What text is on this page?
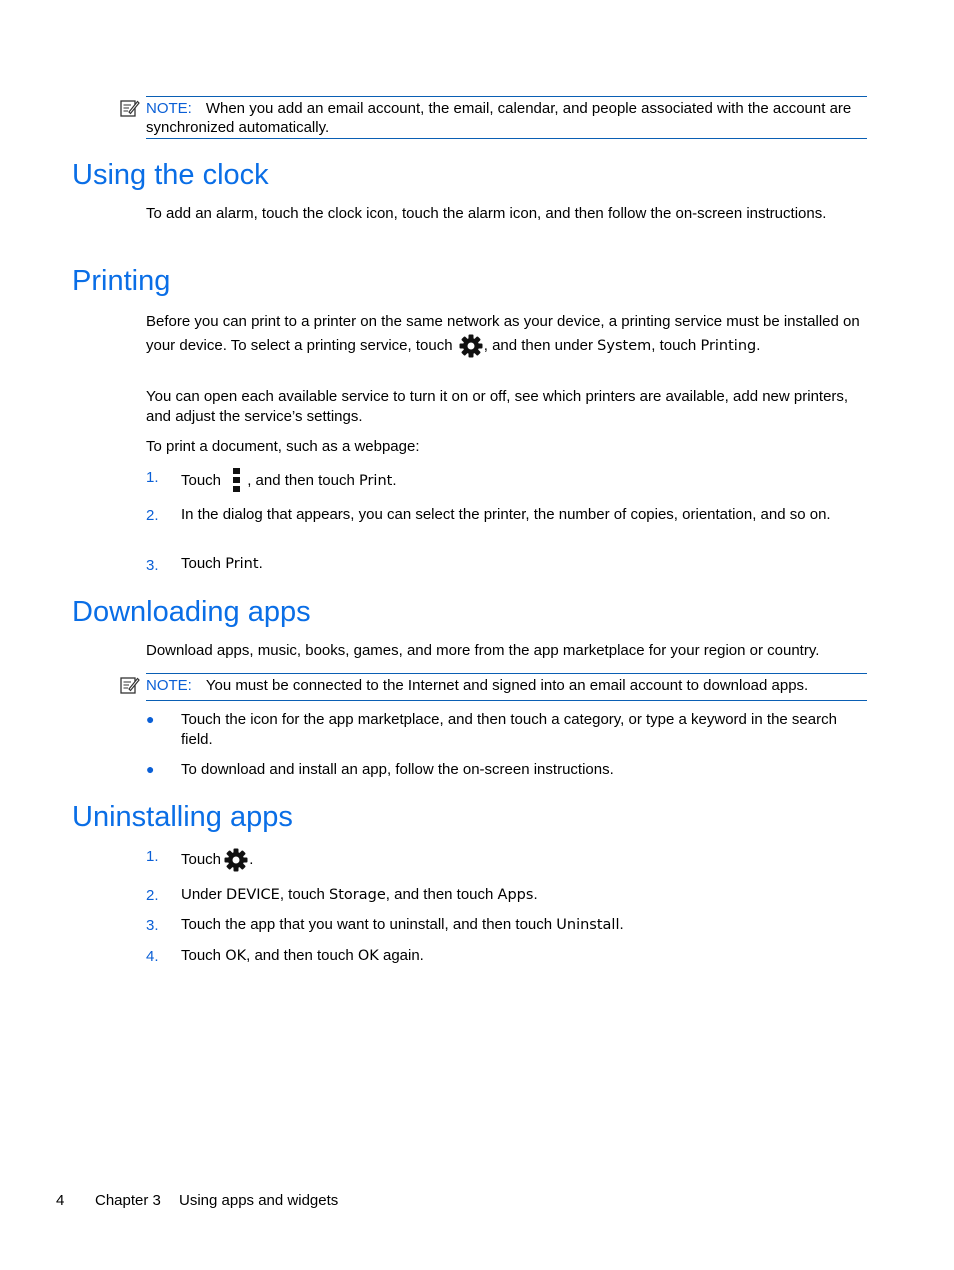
NOTE: When you add an email account, the email, calendar, and people associated with the account are synchronized automatically.
Using the clock
To add an alarm, touch the clock icon, touch the alarm icon, and then follow the on-screen instructions.
Printing
Before you can print to a printer on the same network as your device, a printing service must be installed on your device. To select a printing service, touch , and then under System, touch Printing.
You can open each available service to turn it on or off, see which printers are available, add new printers, and adjust the service’s settings.
To print a document, such as a webpage:
1. Touch , and then touch Print.
2. In the dialog that appears, you can select the printer, the number of copies, orientation, and so on.
3. Touch Print.
Downloading apps
Download apps, music, books, games, and more from the app marketplace for your region or country.
NOTE: You must be connected to the Internet and signed into an email account to download apps.
● Touch the icon for the app marketplace, and then touch a category, or type a keyword in the search field.
● To download and install an app, follow the on-screen instructions.
Uninstalling apps
1. Touch .
2. Under DEVICE, touch Storage, and then touch Apps.
3. Touch the app that you want to uninstall, and then touch Uninstall.
4. Touch OK, and then touch OK again.
4 Chapter 3 Using apps and widgets
